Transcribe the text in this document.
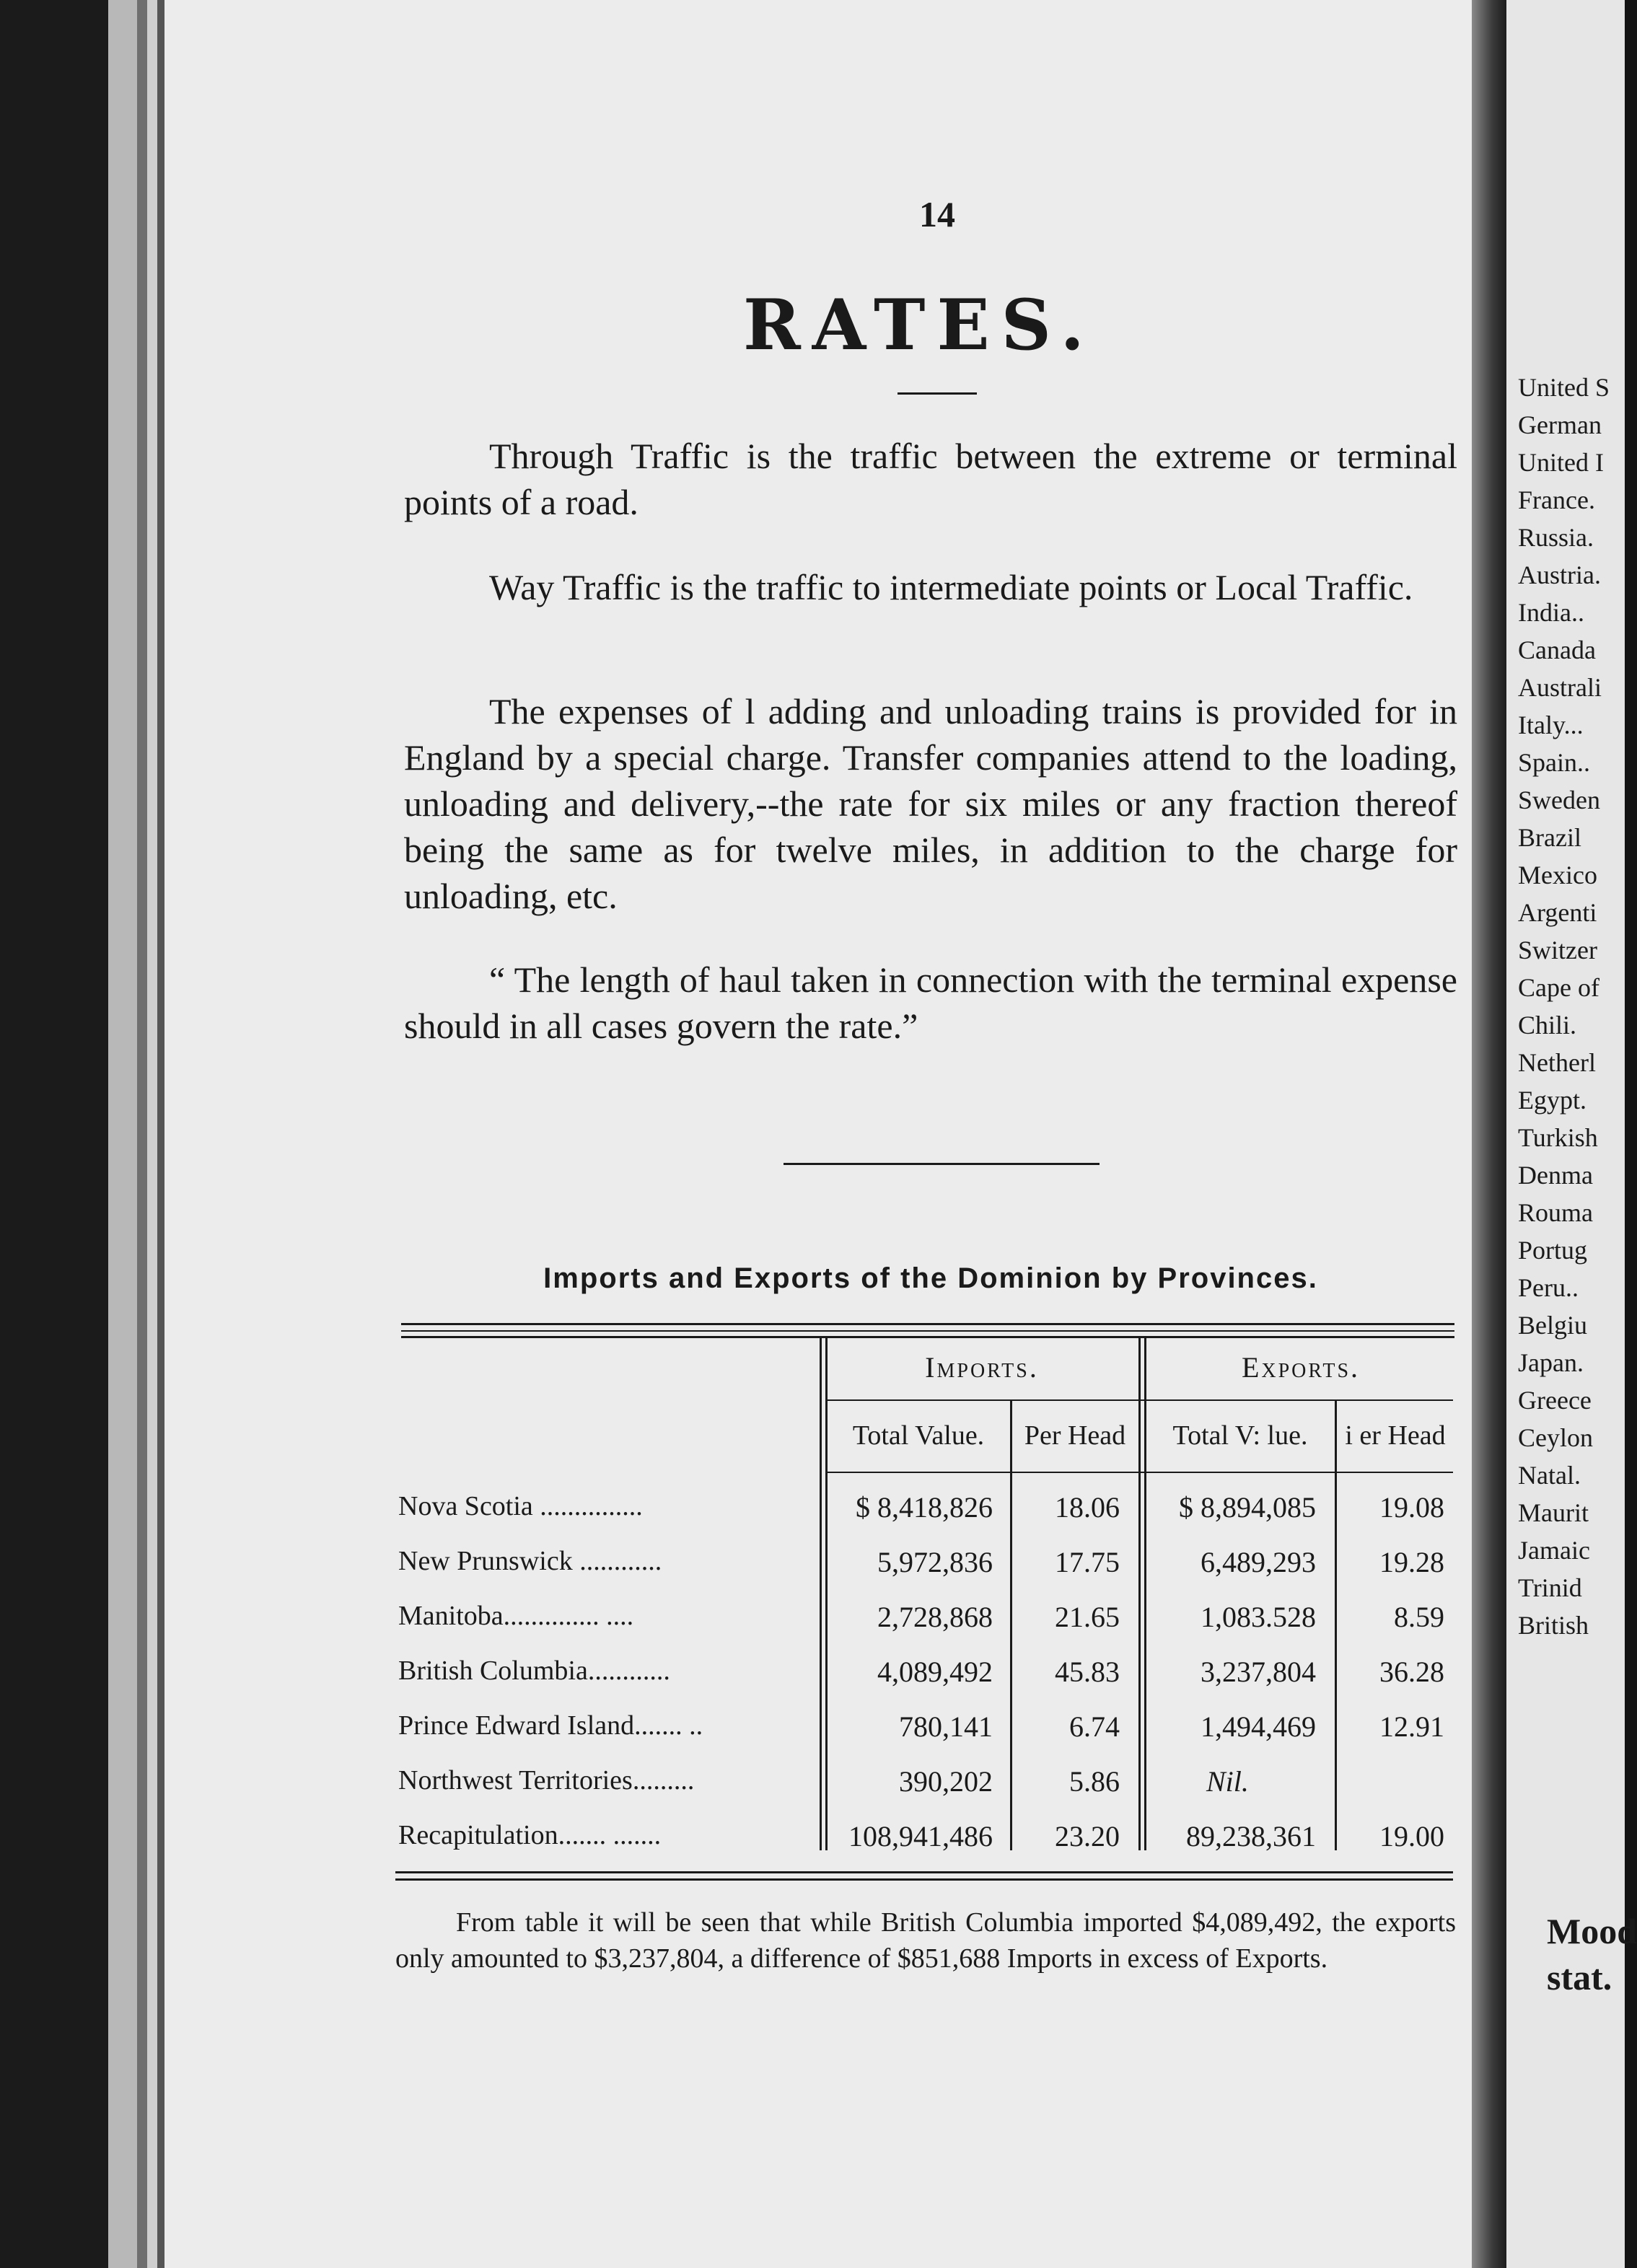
14
RATES.
Through Traffic is the traffic between the extreme or terminal points of a road.
Way Traffic is the traffic to intermediate points or Local Traffic.
The expenses of l adding and unloading trains is provided for in England by a special charge. Transfer companies attend to the loading, unloading and delivery,--the rate for six miles or any fraction thereof being the same as for twelve miles, in addition to the charge for unloading, etc.
“ The length of haul taken in connection with the terminal expense should in all cases govern the rate.”
Imports and Exports of the Dominion by Provinces.
Imports.	Exports.
Total Value.	Per Head	Total V: lue.	i er Head
Nova Scotia ...............	$ 8,418,826	18.06	$ 8,894,085	19.08
New Prunswick ............	5,972,836	17.75	6,489,293	19.28
Manitoba.............. ....	2,728,868	21.65	1,083.528	8.59
British Columbia............	4,089,492	45.83	3,237,804	36.28
Prince Edward Island....... ..	780,141	6.74	1,494,469	12.91
Northwest Territories.........	390,202	5.86	Nil.
Recapitulation....... .......	108,941,486	23.20	89,238,361	19.00
From table it will be seen that while British Columbia imported $4,089,492, the exports only amounted to $3,237,804, a difference of $851,688 Imports in excess of Exports.
United S
German
United I
France.
Russia.
Austria.
India..
Canada
Australi
Italy...
Spain..
Sweden
Brazil
Mexico
Argenti
Switzer
Cape of
Chili.
Netherl
Egypt.
Turkish
Denma
Rouma
Portug
Peru..
Belgiu
Japan.
Greece
Ceylon
Natal.
Maurit
Jamaic
Trinid
British
Mood
stat.
